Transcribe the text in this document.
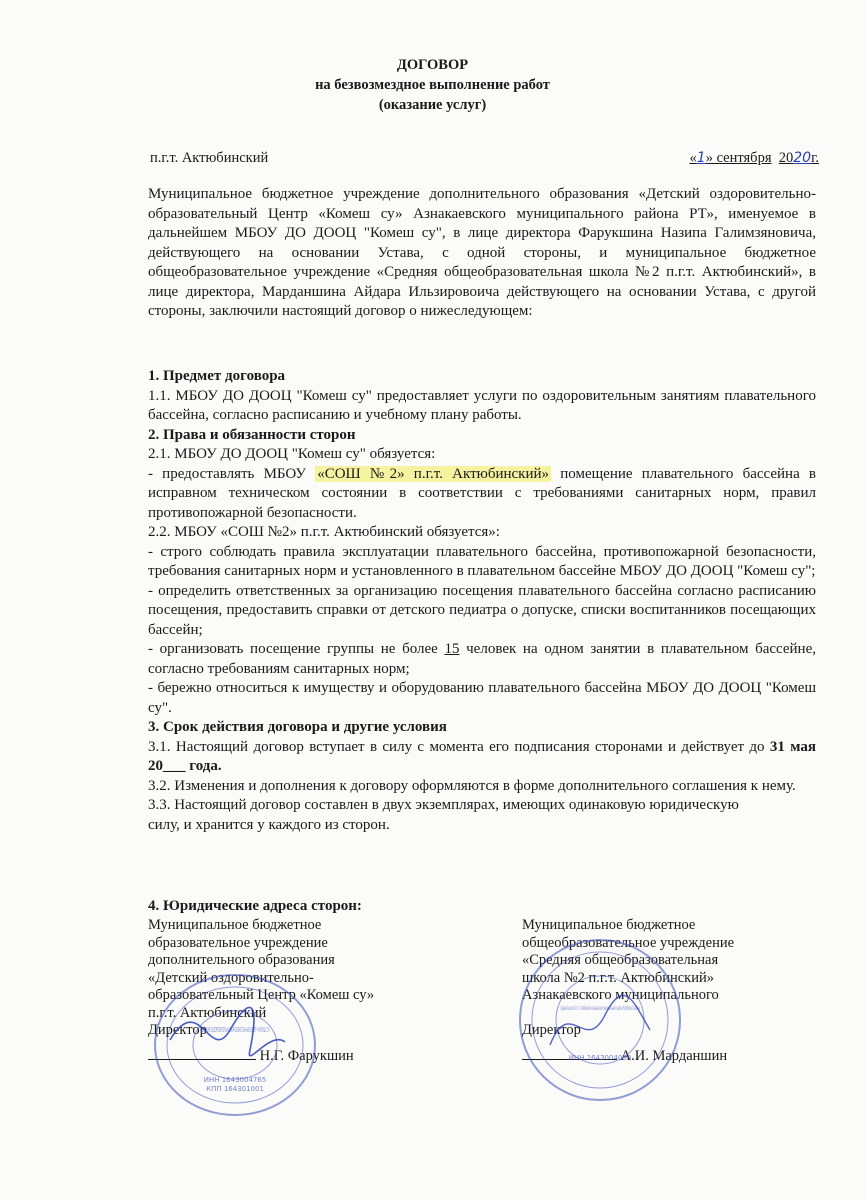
ДОГОВОР
на безвозмездное выполнение работ
(оказание услуг)
п.г.т. Актюбинский	«1» сентября 2020г.
Муниципальное бюджетное учреждение дополнительного образования «Детский оздоровительно-образовательный Центр «Комеш су» Азнакаевского муниципального района РТ», именуемое в дальнейшем МБОУ ДО ДООЦ "Комеш су", в лице директора Фарукшина Назипа Галимзяновича, действующего на основании Устава, с одной стороны, и муниципальное бюджетное общеобразовательное учреждение «Средняя общеобразовательная школа №2 п.г.т. Актюбинский», в лице директора, Марданшина Айдара Ильзировоича действующего на основании Устава, с другой стороны, заключили настоящий договор о нижеследующем:

1. Предмет договора

1.1. МБОУ ДО ДООЦ "Комеш су" предоставляет услуги по оздоровительным занятиям плавательного бассейна, согласно расписанию и учебному плану работы.

2. Права и обязанности сторон

2.1. МБОУ ДО ДООЦ "Комеш су" обязуется:

- предоставлять МБОУ «СОШ №2» п.г.т. Актюбинский» помещение плавательного бассейна в исправном техническом состоянии в соответствии с требованиями санитарных норм, правил противопожарной безопасности.

2.2. МБОУ «СОШ №2» п.г.т. Актюбинский обязуется»:

- строго соблюдать правила эксплуатации плавательного бассейна, противопожарной безопасности, требования санитарных норм и установленного в плавательном бассейне МБОУ ДО ДООЦ "Комеш су";

- определить ответственных за организацию посещения плавательного бассейна согласно расписанию посещения, предоставить справки от детского педиатра о допуске, списки воспитанников посещающих бассейн;

- организовать посещение группы не более 15 человек на одном занятии в плавательном бассейне, согласно требованиям санитарных норм;

- бережно относиться к имуществу и оборудованию плавательного бассейна МБОУ ДО ДООЦ "Комеш су".

3. Срок действия договора и другие условия

3.1. Настоящий договор вступает в силу с момента его подписания сторонами и действует до 31 мая 20___ года.

3.2. Изменения и дополнения к договору оформляются в форме дополнительного соглашения к нему.

3.3. Настоящий договор составлен в двух экземплярах, имеющих одинаковую юридическую силу, и хранится у каждого из сторон.

4. Юридические адреса сторон:
Муниципальное бюджетное
образовательное учреждение
дополнительного образования
«Детский оздоровительно-
образовательный Центр «Комеш су»
п.г.т. Актюбинский
Директор
Н.Г. Фарукшин
Муниципальное бюджетное
общеобразовательное учреждение
«Средняя общеобразовательная
школа №2 п.г.т. Актюбинский»
Азнакаевского муниципального
Директор
А.И. Марданшин
«ДЕТСКИЙ ОЗДОРОВИТЕЛЬНО-ОБРАЗОВАТЕЛЬНЫЙ ЦЕНТР «КОМЕШ СУ»
ИНН 1643004765
КПП 164301001
«Средняя школа № 2 п.г.т. Актюбинский» Азнакаевского муниципального района Республики Татарстан
ИНН 1643004099
